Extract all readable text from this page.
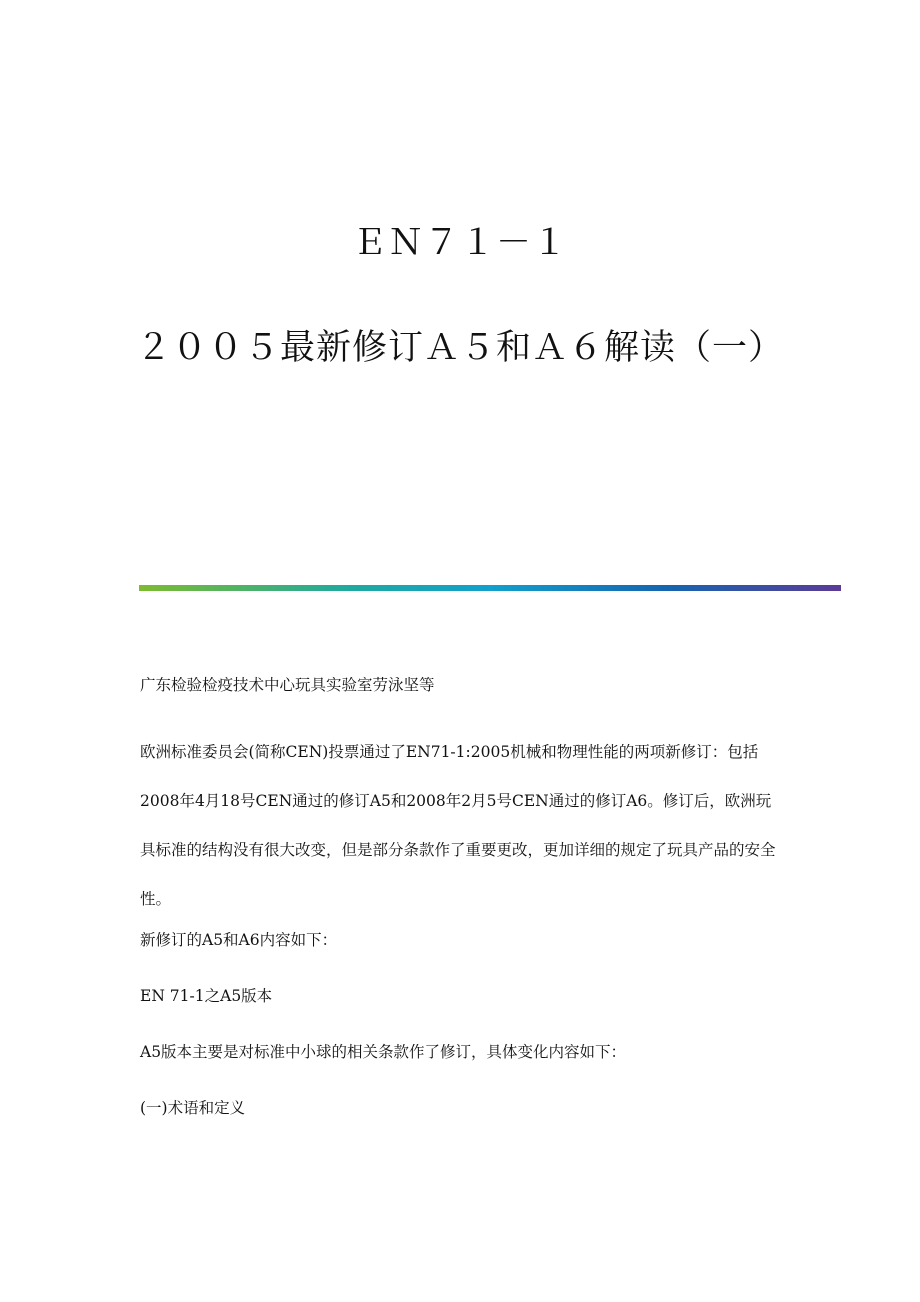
ＥＮ７１－１
２００５最新修订Ａ５和Ａ６解读（一）
广东检验检疫技术中心玩具实验室劳泳坚等
欧洲标准委员会(简称CEN)投票通过了EN71-1:2005机械和物理性能的两项新修订：包括2008年4月18号CEN通过的修订A5和2008年2月5号CEN通过的修订A6。修订后，欧洲玩具标准的结构没有很大改变，但是部分条款作了重要更改，更加详细的规定了玩具产品的安全性。
新修订的A5和A6内容如下：
EN 71-1之A5版本
A5版本主要是对标准中小球的相关条款作了修订，具体变化内容如下：
(一)术语和定义
